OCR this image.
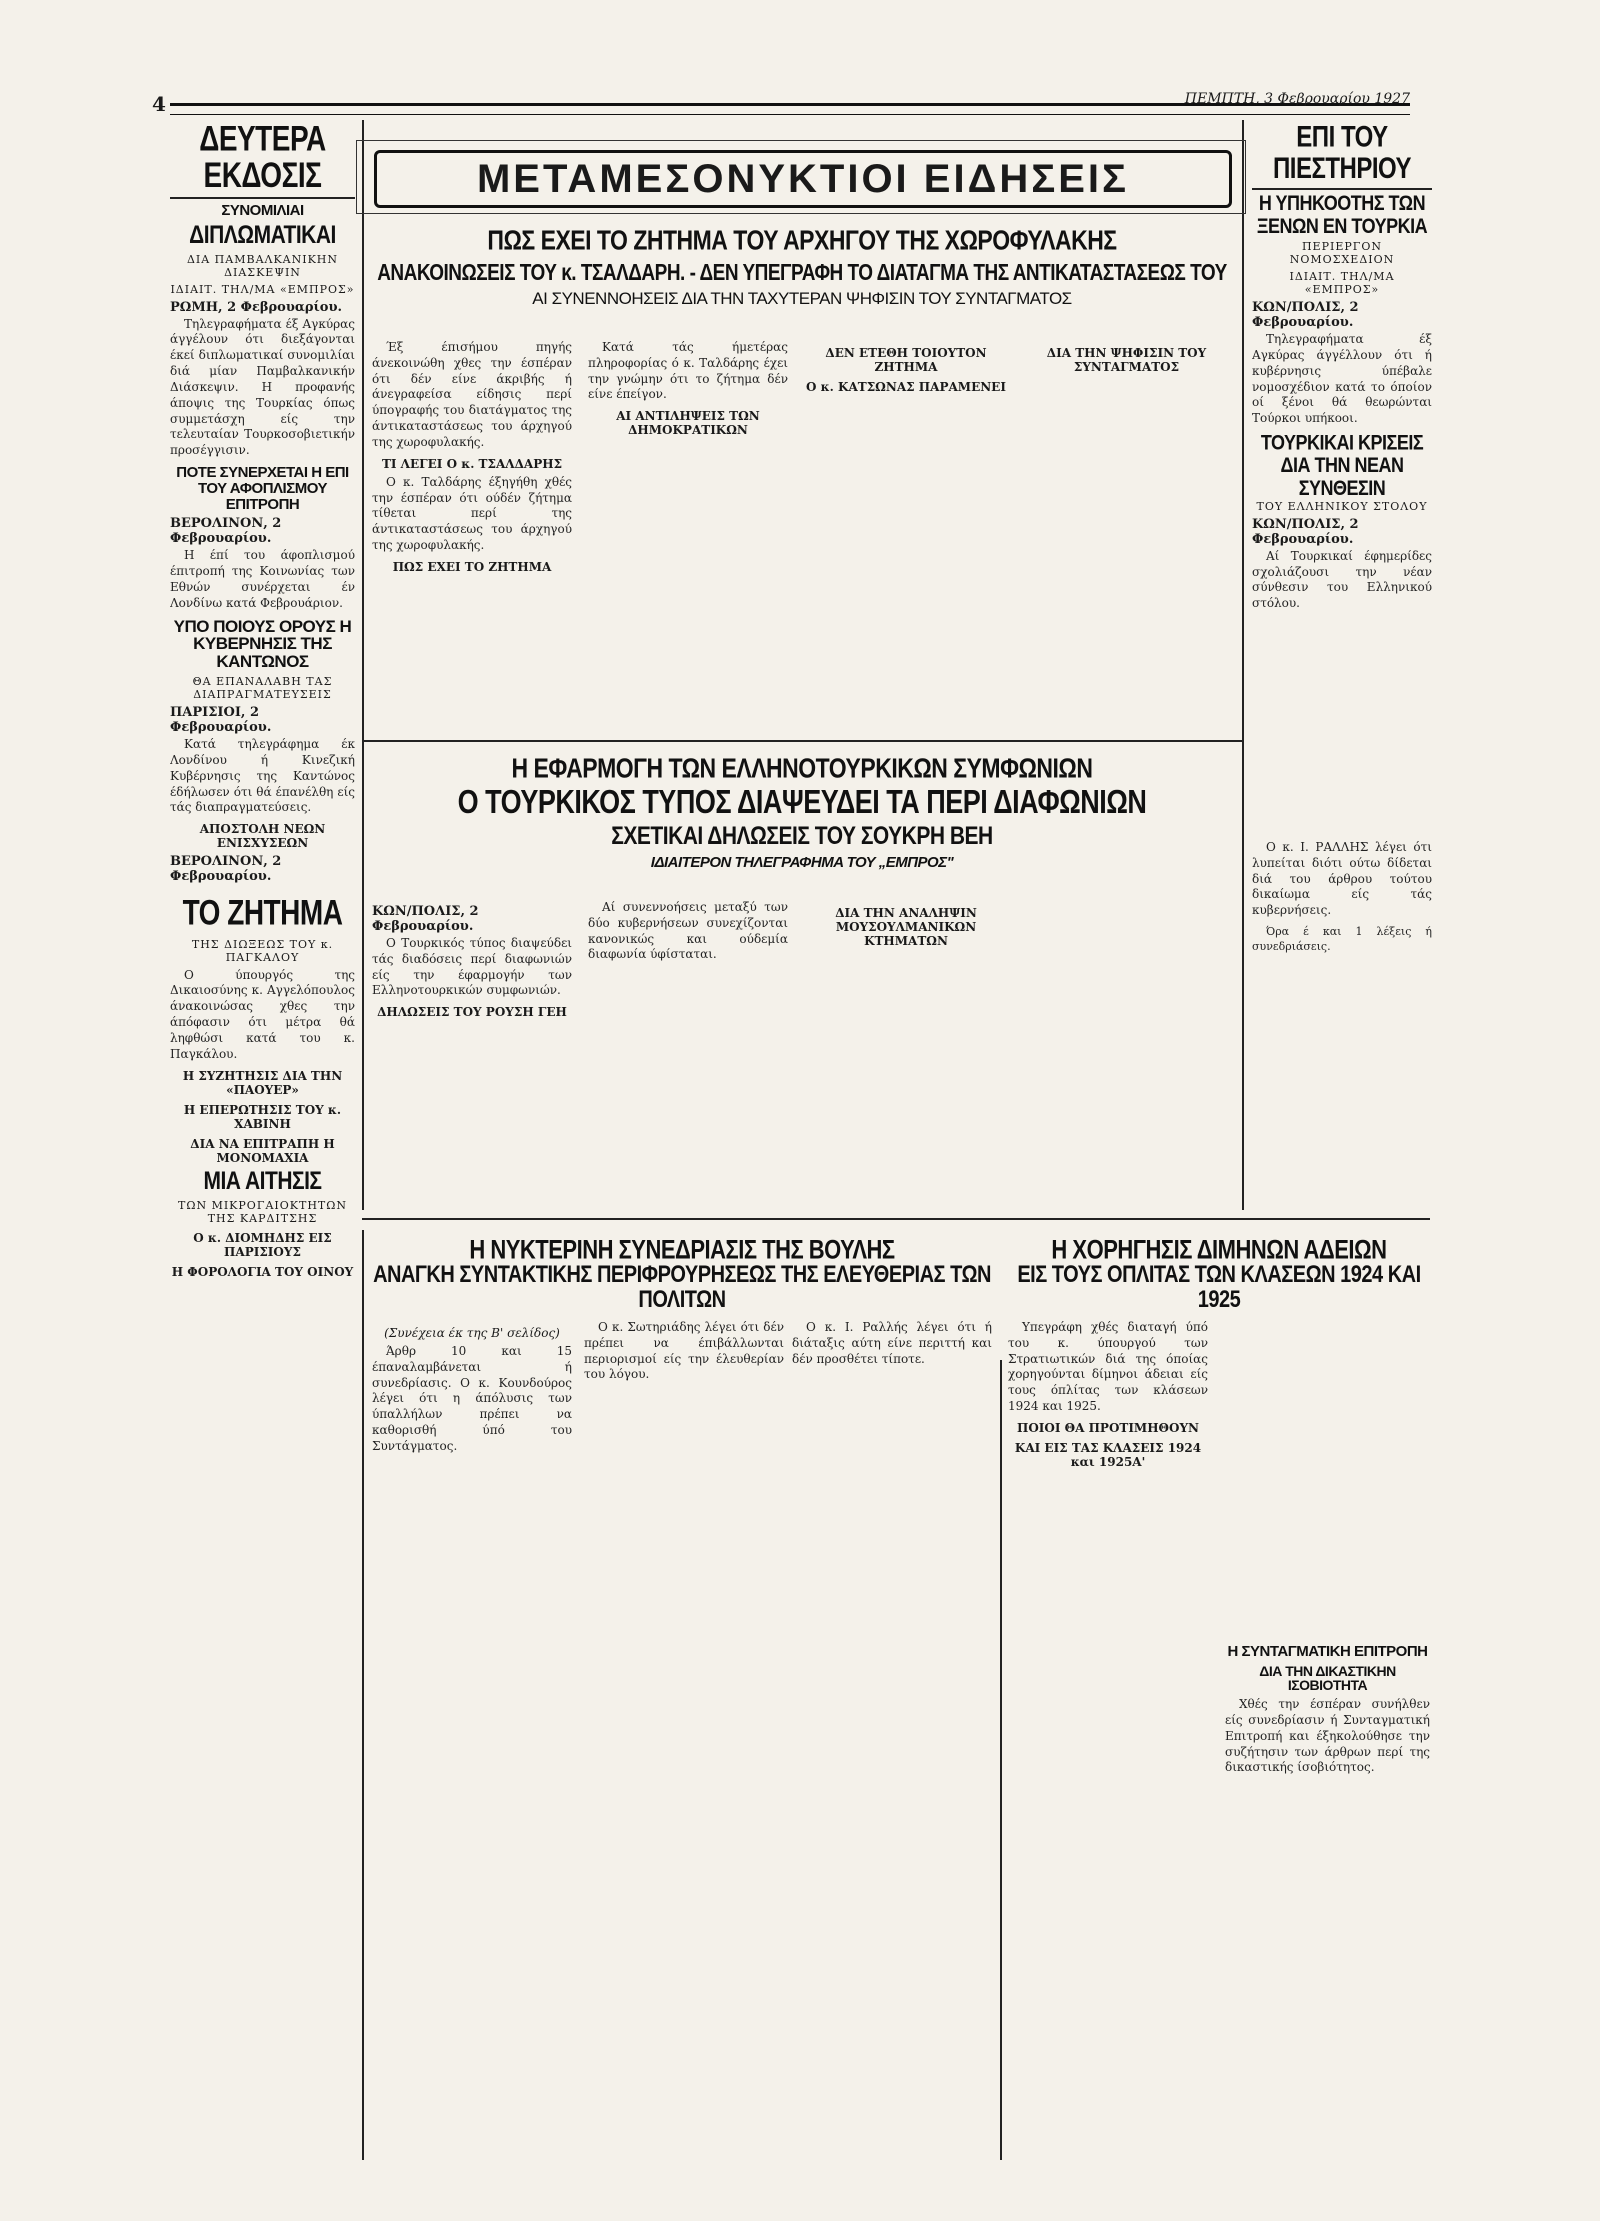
4	ΠΕΜΠΤΗ, 3 Φεβρουαρίου 1927
ΔΕΥΤΕΡΑ ΕΚΔΟΣΙΣ
ΣΥΝΟΜΙΛΙΑΙ
ΔΙΠΛΩΜΑΤΙΚΑΙ
ΔΙΑ ΠΑΜΒΑΛΚΑΝΙΚΗΝ ΔΙΑΣΚΕΨΙΝ
ΙΔΙΑΙΤ. ΤΗΛ/ΜΑ «ΕΜΠΡΟΣ»
ΡΩΜΗ, 2 Φεβρουαρίου.

Τηλεγραφήματα έξ Αγκύρας άγγέλουν ότι διεξάγονται έκεί διπλωματικαί συνομιλίαι διά μίαν Παμβαλκανικήν Διάσκεψιν. Η προφανής άποψις της Τουρκίας όπως συμμετάσχη είς την τελευταίαν Τουρκοσοβιετικήν προσέγγισιν.

ΠΟΤΕ ΣΥΝΕΡΧΕΤΑΙ Η ΕΠΙ ΤΟΥ ΑΦΟΠΛΙΣΜΟΥ ΕΠΙΤΡΟΠΗ
ΒΕΡΟΛΙΝΟΝ, 2 Φεβρουαρίου.

Η έπί του άφοπλισμού έπιτροπή της Κοινωνίας των Εθνών συνέρχεται έν Λονδίνω κατά Φεβρουάριον.

ΥΠΟ ΠΟΙΟΥΣ ΟΡΟΥΣ Η ΚΥΒΕΡΝΗΣΙΣ ΤΗΣ ΚΑΝΤΩΝΟΣ
ΘΑ ΕΠΑΝΑΛΑΒΗ ΤΑΣ ΔΙΑΠΡΑΓΜΑΤΕΥΣΕΙΣ
ΠΑΡΙΣΙΟΙ, 2 Φεβρουαρίου.

Κατά τηλεγράφημα έκ Λονδίνου ή Κινεζική Κυβέρνησις της Καντώνος έδήλωσεν ότι θά έπανέλθη είς τάς διαπραγματεύσεις.

ΑΠΟΣΤΟΛΗ ΝΕΩΝ ΕΝΙΣΧΥΣΕΩΝ
ΒΕΡΟΛΙΝΟΝ, 2 Φεβρουαρίου.
ΤΟ ΖΗΤΗΜΑ
ΤΗΣ ΔΙΩΞΕΩΣ ΤΟΥ κ. ΠΑΓΚΑΛΟΥ

Ο ύπουργός της Δικαιοσύνης κ. Αγγελόπουλος άνακοινώσας χθες την άπόφασιν ότι μέτρα θά ληφθώσι κατά του κ. Παγκάλου.

Η ΣΥΖΗΤΗΣΙΣ ΔΙΑ ΤΗΝ «ΠΑΟΥΕΡ»
Η ΕΠΕΡΩΤΗΣΙΣ ΤΟΥ κ. ΧΑΒΙΝΗ
ΔΙΑ ΝΑ ΕΠΙΤΡΑΠΗ Η ΜΟΝΟΜΑΧΙΑ
ΜΙΑ ΑΙΤΗΣΙΣ
ΤΩΝ ΜΙΚΡΟΓΑΙΟΚΤΗΤΩΝ ΤΗΣ ΚΑΡΔΙΤΣΗΣ
Ο κ. ΔΙΟΜΗΔΗΣ ΕΙΣ ΠΑΡΙΣΙΟΥΣ
Η ΦΟΡΟΛΟΓΙΑ ΤΟΥ ΟΙΝΟΥ
ΜΕΤΑΜΕΣΟΝΥΚΤΙΟΙ ΕΙΔΗΣΕΙΣ
ΠΩΣ ΕΧΕΙ ΤΟ ΖΗΤΗΜΑ ΤΟΥ ΑΡΧΗΓΟΥ ΤΗΣ ΧΩΡΟΦΥΛΑΚΗΣ
ΑΝΑΚΟΙΝΩΣΕΙΣ ΤΟΥ κ. ΤΣΑΛΔΑΡΗ. - ΔΕΝ ΥΠΕΓΡΑΦΗ ΤΟ ΔΙΑΤΑΓΜΑ ΤΗΣ ΑΝΤΙΚΑΤΑΣΤΑΣΕΩΣ ΤΟΥ
ΑΙ ΣΥΝΕΝΝΟΗΣΕΙΣ ΔΙΑ ΤΗΝ ΤΑΧΥΤΕΡΑΝ ΨΗΦΙΣΙΝ ΤΟΥ ΣΥΝΤΑΓΜΑΤΟΣ

Έξ έπισήμου πηγής άνεκοινώθη χθες την έσπέραν ότι δέν είνε άκριβής ή άνεγραφείσα είδησις περί ύπογραφής του διατάγματος της άντικαταστάσεως του άρχηγού της χωροφυλακής.

ΤΙ ΛΕΓΕΙ Ο κ. ΤΣΑΛΔΑΡΗΣ

Ο κ. Ταλδάρης έξηγήθη χθές την έσπέραν ότι ούδέν ζήτημα τίθεται περί της άντικαταστάσεως του άρχηγού της χωροφυλακής.

ΠΩΣ ΕΧΕΙ ΤΟ ΖΗΤΗΜΑ

Κατά τάς ήμετέρας πληροφορίας ό κ. Ταλδάρης έχει την γνώμην ότι το ζήτημα δέν είνε έπείγον.

ΑΙ ΑΝΤΙΛΗΨΕΙΣ ΤΩΝ ΔΗΜΟΚΡΑΤΙΚΩΝ
ΔΕΝ ΕΤΕΘΗ ΤΟΙΟΥΤΟΝ ΖΗΤΗΜΑ
Ο κ. ΚΑΤΣΩΝΑΣ ΠΑΡΑΜΕΝΕΙ
ΔΙΑ ΤΗΝ ΨΗΦΙΣΙΝ ΤΟΥ ΣΥΝΤΑΓΜΑΤΟΣ
Η ΕΦΑΡΜΟΓΗ ΤΩΝ ΕΛΛΗΝΟΤΟΥΡΚΙΚΩΝ ΣΥΜΦΩΝΙΩΝ
Ο ΤΟΥΡΚΙΚΟΣ ΤΥΠΟΣ ΔΙΑΨΕΥΔΕΙ ΤΑ ΠΕΡΙ ΔΙΑΦΩΝΙΩΝ
ΣΧΕΤΙΚΑΙ ΔΗΛΩΣΕΙΣ ΤΟΥ ΣΟΥΚΡΗ ΒΕΗ
ΙΔΙΑΙΤΕΡΟΝ ΤΗΛΕΓΡΑΦΗΜΑ ΤΟΥ „ΕΜΠΡΟΣ"
ΚΩΝ/ΠΟΛΙΣ, 2 Φεβρουαρίου.

Ο Τουρκικός τύπος διαψεύδει τάς διαδόσεις περί διαφωνιών είς την έφαρμογήν των Ελληνοτουρκικών συμφωνιών.

ΔΗΛΩΣΕΙΣ ΤΟΥ ΡΟΥΣΗ ΓΕΗ

Αί συνεννοήσεις μεταξύ των δύο κυβερνήσεων συνεχίζονται κανονικώς και ούδεμία διαφωνία ύφίσταται.

ΔΙΑ ΤΗΝ ΑΝΑΛΗΨΙΝ ΜΟΥΣΟΥΛΜΑΝΙΚΩΝ ΚΤΗΜΑΤΩΝ
Η ΝΥΚΤΕΡΙΝΗ ΣΥΝΕΔΡΙΑΣΙΣ ΤΗΣ ΒΟΥΛΗΣ
ΑΝΑΓΚΗ ΣΥΝΤΑΚΤΙΚΗΣ ΠΕΡΙΦΡΟΥΡΗΣΕΩΣ ΤΗΣ ΕΛΕΥΘΕΡΙΑΣ ΤΩΝ ΠΟΛΙΤΩΝ
(Συνέχεια έκ της Β' σελίδος)

Άρθρ 10 και 15 έπαναλαμβάνεται ή συνεδρίασις. Ο κ. Κουνδούρος λέγει ότι η άπόλυσις των ύπαλλήλων πρέπει να καθορισθή ύπό του Συντάγματος.

Ο κ. Σωτηριάδης λέγει ότι δέν πρέπει να έπιβάλλωνται περιορισμοί είς την έλευθερίαν του λόγου.

Ο κ. Ι. Ραλλής λέγει ότι ή διάταξις αύτη είνε περιττή και δέν προσθέτει τίποτε.

ΕΠΙ ΤΟΥ ΠΙΕΣΤΗΡΙΟΥ
Η ΥΠΗΚΟΟΤΗΣ ΤΩΝ ΞΕΝΩΝ ΕΝ ΤΟΥΡΚΙΑ
ΠΕΡΙΕΡΓΟΝ ΝΟΜΟΣΧΕΔΙΟΝ
ΙΔΙΑΙΤ. ΤΗΛ/ΜΑ «ΕΜΠΡΟΣ»
ΚΩΝ/ΠΟΛΙΣ, 2 Φεβρουαρίου.

Τηλεγραφήματα έξ Αγκύρας άγγέλλουν ότι ή κυβέρνησις ύπέβαλε νομοσχέδιον κατά το όποίον οί ξένοι θά θεωρώνται Τούρκοι υπήκοοι.

ΤΟΥΡΚΙΚΑΙ ΚΡΙΣΕΙΣ ΔΙΑ ΤΗΝ ΝΕΑΝ ΣΥΝΘΕΣΙΝ
ΤΟΥ ΕΛΛΗΝΙΚΟΥ ΣΤΟΛΟΥ
ΚΩΝ/ΠΟΛΙΣ, 2 Φεβρουαρίου.

Αί Τουρκικαί έφημερίδες σχολιάζουσι την νέαν σύνθεσιν του Ελληνικού στόλου.

Ο κ. Ι. ΡΑΛΛΗΣ λέγει ότι λυπείται διότι ούτω δίδεται διά του άρθρου τούτου δικαίωμα είς τάς κυβερνήσεις.

Όρα έ και 1 λέξεις ή συνεδριάσεις.

Η ΧΟΡΗΓΗΣΙΣ ΔΙΜΗΝΩΝ ΑΔΕΙΩΝ
ΕΙΣ ΤΟΥΣ ΟΠΛΙΤΑΣ ΤΩΝ ΚΛΑΣΕΩΝ 1924 ΚΑΙ 1925

Υπεγράφη χθές διαταγή ύπό του κ. ύπουργού των Στρατιωτικών διά της όποίας χορηγούνται δίμηνοι άδειαι είς τους όπλίτας των κλάσεων 1924 και 1925.

ΠΟΙΟΙ ΘΑ ΠΡΟΤΙΜΗΘΟΥΝ
ΚΑΙ ΕΙΣ ΤΑΣ ΚΛΑΣΕΙΣ 1924 και 1925Α'
Η ΣΥΝΤΑΓΜΑΤΙΚΗ ΕΠΙΤΡΟΠΗ
ΔΙΑ ΤΗΝ ΔΙΚΑΣΤΙΚΗΝ ΙΣΟΒΙΟΤΗΤΑ

Χθές την έσπέραν συνήλθεν είς συνεδρίασιν ή Συνταγματική Επιτροπή και έξηκολούθησε την συζήτησιν των άρθρων περί της δικαστικής ίσοβιότητος.
